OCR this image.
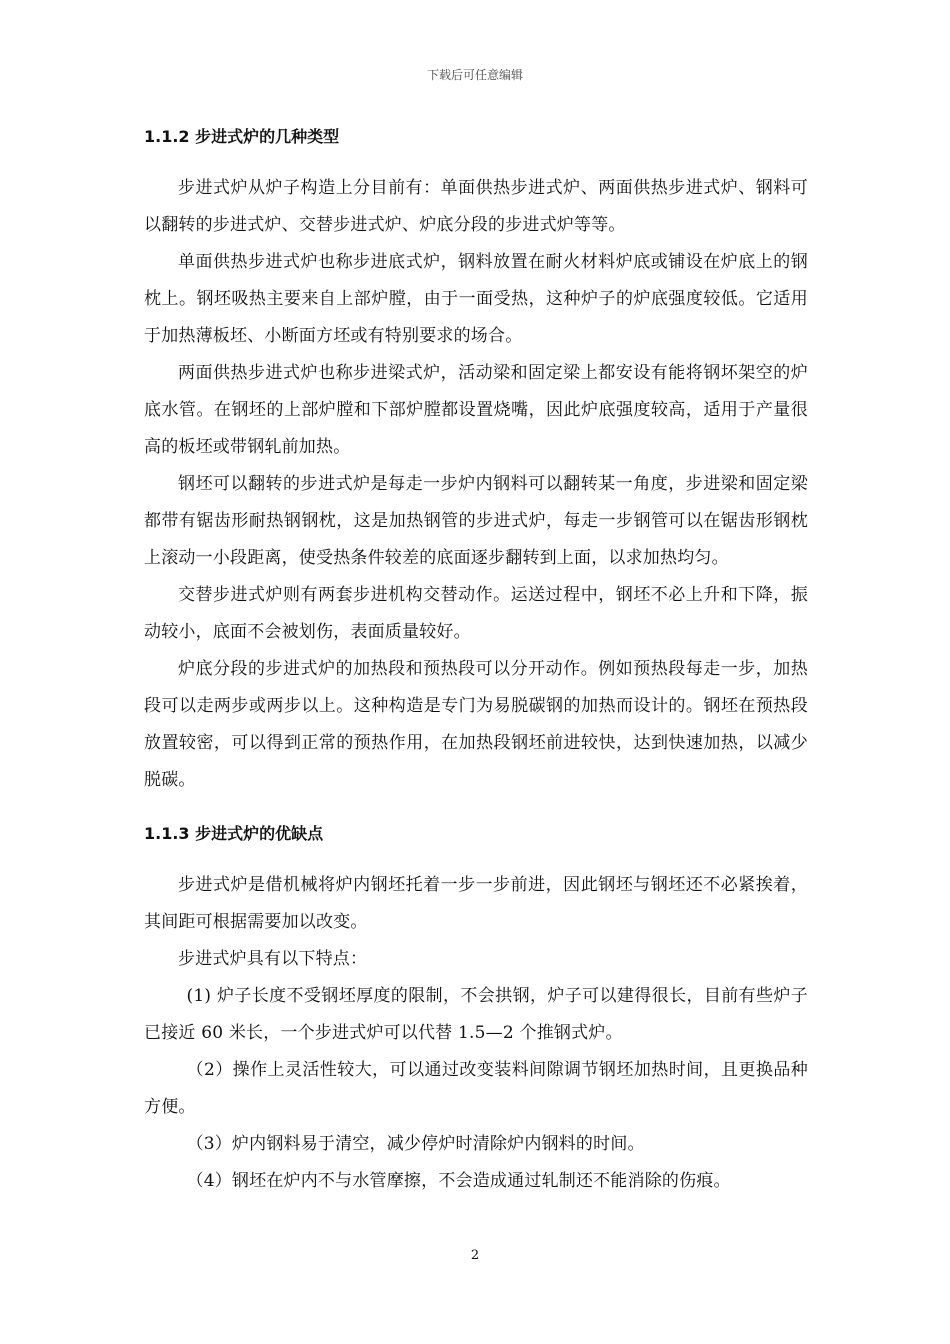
下载后可任意编辑
1.1.2 步进式炉的几种类型

步进式炉从炉子构造上分目前有：单面供热步进式炉、两面供热步进式炉、钢料可以翻转的步进式炉、交替步进式炉、炉底分段的步进式炉等等。

单面供热步进式炉也称步进底式炉，钢料放置在耐火材料炉底或铺设在炉底上的钢枕上。钢坯吸热主要来自上部炉膛，由于一面受热，这种炉子的炉底强度较低。它适用于加热薄板坯、小断面方坯或有特别要求的场合。

两面供热步进式炉也称步进梁式炉，活动梁和固定梁上都安设有能将钢坏架空的炉底水管。在钢坯的上部炉膛和下部炉膛都设置烧嘴，因此炉底强度较高，适用于产量很高的板坯或带钢轧前加热。

钢坯可以翻转的步进式炉是每走一步炉内钢料可以翻转某一角度，步进梁和固定梁都带有锯齿形耐热钢钢枕，这是加热钢管的步进式炉，每走一步钢管可以在锯齿形钢枕上滚动一小段距离，使受热条件较差的底面逐步翻转到上面，以求加热均匀。

交替步进式炉则有两套步进机构交替动作。运送过程中，钢坯不必上升和下降，振动较小，底面不会被划伤，表面质量较好。

炉底分段的步进式炉的加热段和预热段可以分开动作。例如预热段每走一步，加热段可以走两步或两步以上。这种构造是专门为易脱碳钢的加热而设计的。钢坯在预热段放置较密，可以得到正常的预热作用，在加热段钢坯前进较快，达到快速加热，以减少脱碳。

1.1.3 步进式炉的优缺点

步进式炉是借机械将炉内钢坯托着一步一步前进，因此钢坯与钢坯还不必紧挨着，其间距可根据需要加以改变。

步进式炉具有以下特点：

(1) 炉子长度不受钢坯厚度的限制，不会拱钢，炉子可以建得很长，目前有些炉子已接近 60 米长，一个步进式炉可以代替 1.5—2 个推钢式炉。

（2）操作上灵活性较大，可以通过改变装料间隙调节钢坯加热时间，且更换品种方便。

（3）炉内钢料易于清空，减少停炉时清除炉内钢料的时间。

（4）钢坯在炉内不与水管摩擦，不会造成通过轧制还不能消除的伤痕。

2
